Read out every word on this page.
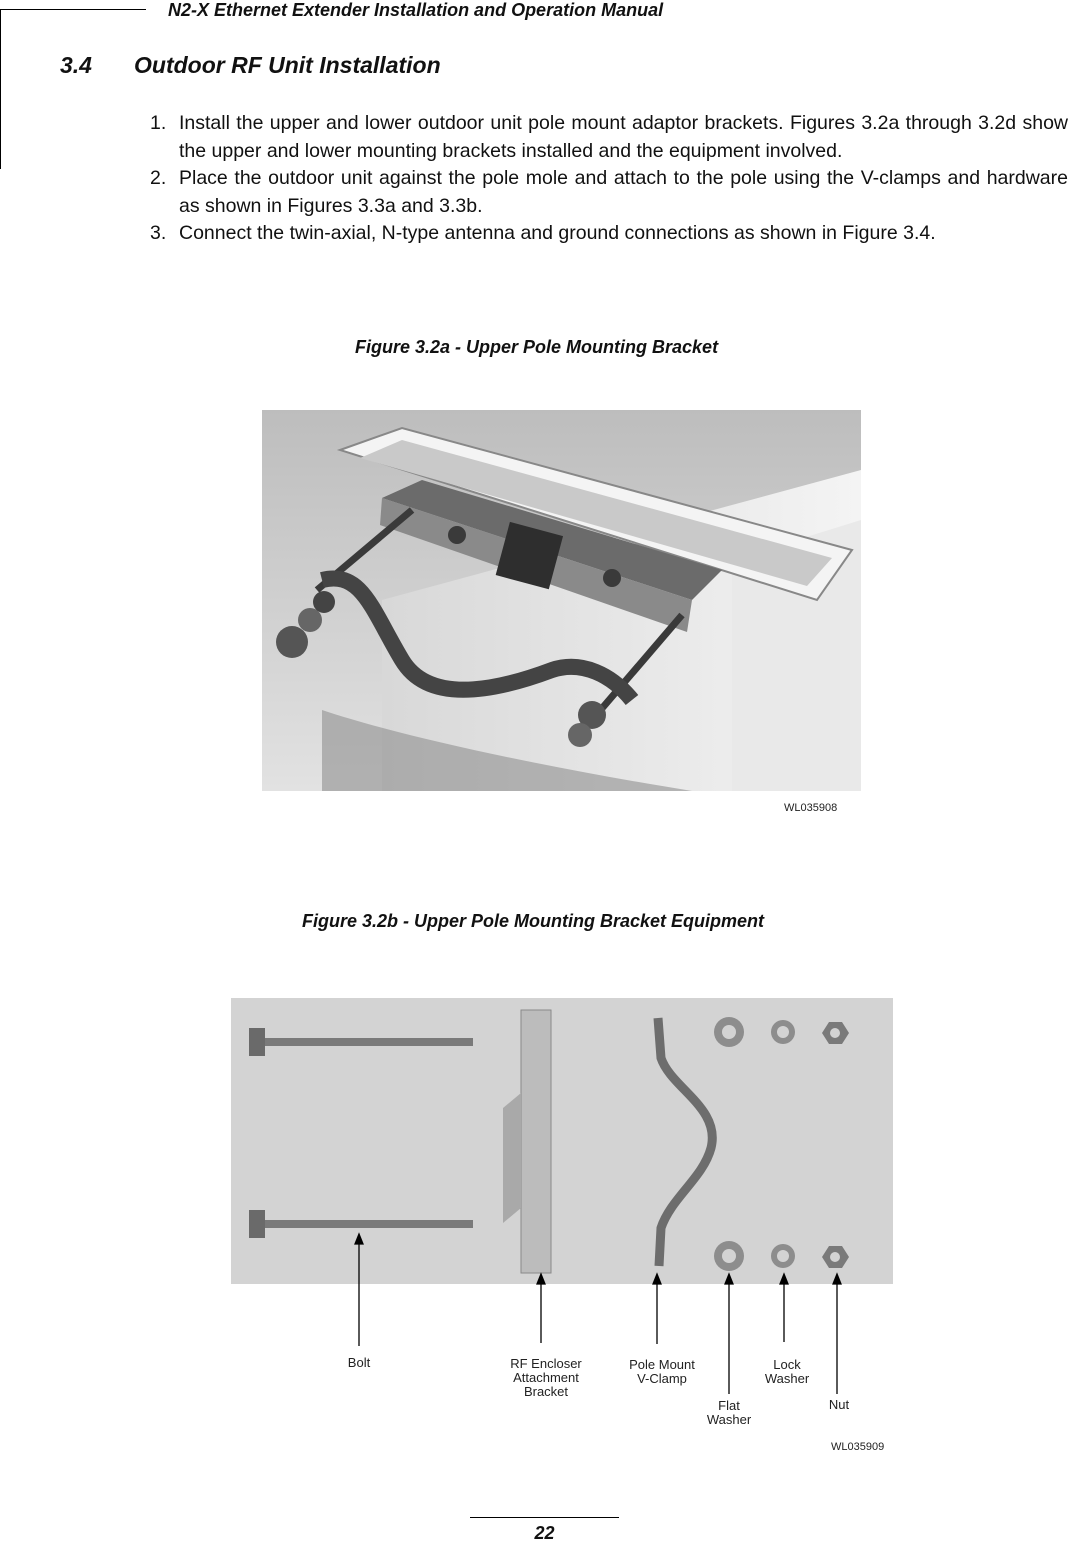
N2-X Ethernet Extender Installation and Operation Manual
3.4 Outdoor RF Unit Installation
1. Install the upper and lower outdoor unit pole mount adaptor brackets. Figures 3.2a through 3.2d show the upper and lower mounting brackets installed and the equipment involved.
2. Place the outdoor unit against the pole mole and attach to the pole using the V-clamps and hardware as shown in Figures 3.3a and 3.3b.
3. Connect the twin-axial, N-type antenna and ground connections as shown in Figure 3.4.
Figure 3.2a - Upper Pole Mounting Bracket
WL035908
Figure 3.2b - Upper Pole Mounting Bracket Equipment
Bolt	RF Encloser
Attachment
Bracket
Pole Mount
V-Clamp
Lock
Washer
Flat
Washer
Nut
WL035909
22
